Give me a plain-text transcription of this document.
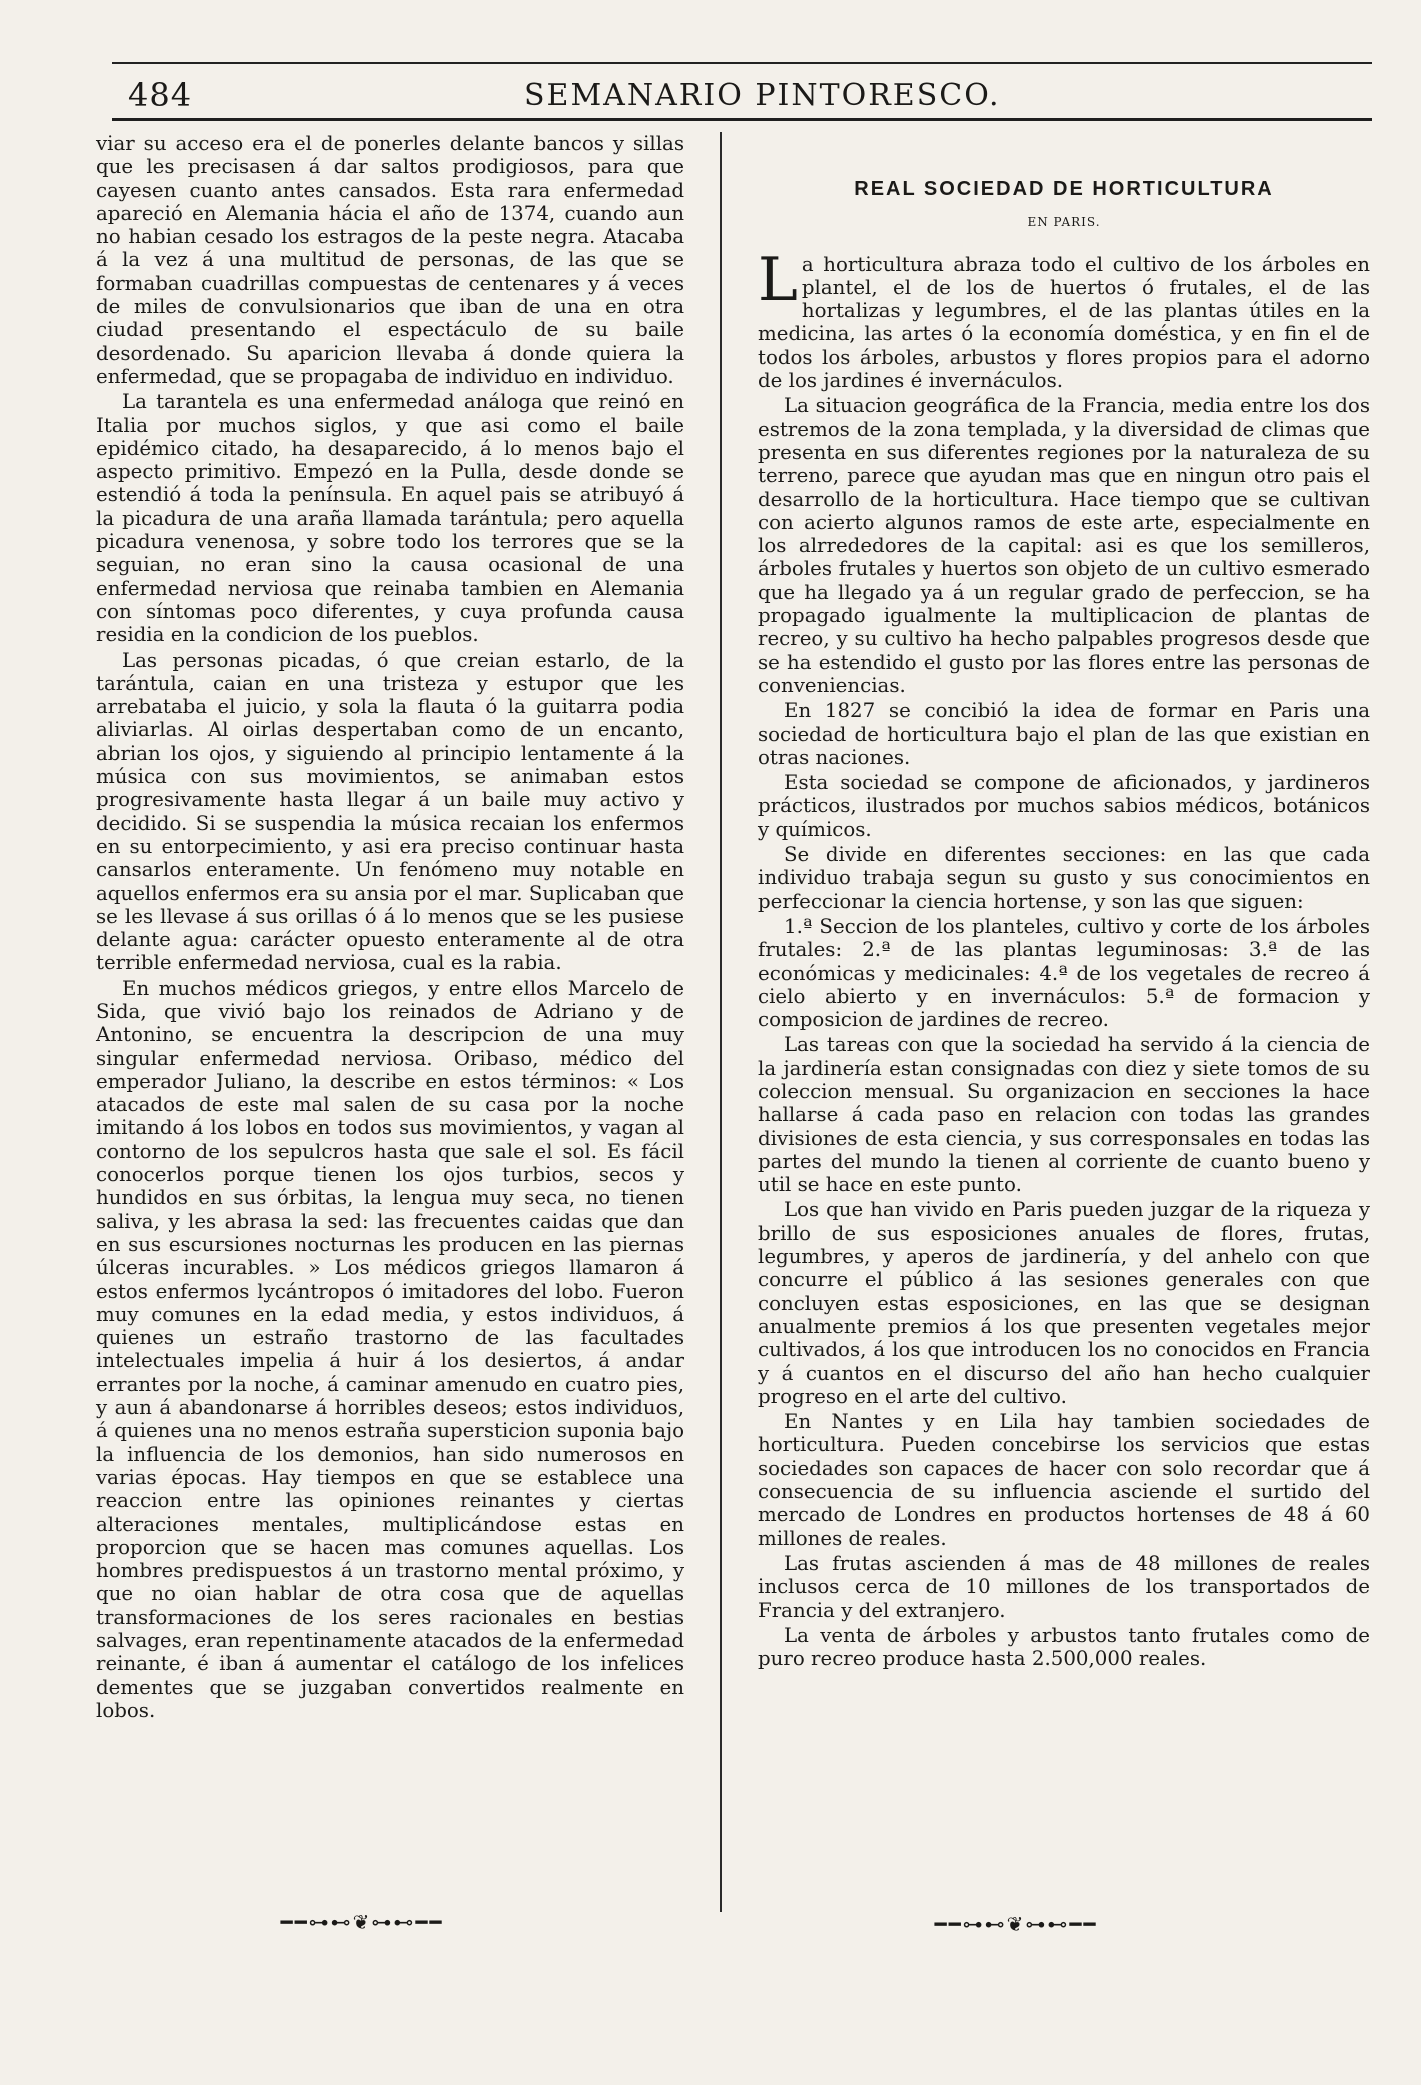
484	SEMANARIO PINTORESCO.

viar su acceso era el de ponerles delante bancos y sillas que les precisasen á dar saltos prodigiosos, para que cayesen cuanto antes cansados. Esta rara enfermedad apareció en Alemania hácia el año de 1374, cuando aun no habian cesado los estragos de la peste negra. Atacaba á la vez á una multitud de personas, de las que se formaban cuadrillas compuestas de centenares y á veces de miles de convulsionarios que iban de una en otra ciudad presentando el espectáculo de su baile desordenado. Su aparicion llevaba á donde quiera la enfermedad, que se propagaba de individuo en individuo.

La tarantela es una enfermedad análoga que reinó en Italia por muchos siglos, y que asi como el baile epidémico citado, ha desaparecido, á lo menos bajo el aspecto primitivo. Empezó en la Pulla, desde donde se estendió á toda la península. En aquel pais se atribuyó á la picadura de una araña llamada tarántula; pero aquella picadura venenosa, y sobre todo los terrores que se la seguian, no eran sino la causa ocasional de una enfermedad nerviosa que reinaba tambien en Alemania con síntomas poco diferentes, y cuya profunda causa residia en la condicion de los pueblos.

Las personas picadas, ó que creian estarlo, de la tarántula, caian en una tristeza y estupor que les arrebataba el juicio, y sola la flauta ó la guitarra podia aliviarlas. Al oirlas despertaban como de un encanto, abrian los ojos, y siguiendo al principio lentamente á la música con sus movimientos, se animaban estos progresivamente hasta llegar á un baile muy activo y decidido. Si se suspendia la música recaian los enfermos en su entorpecimiento, y asi era preciso continuar hasta cansarlos enteramente. Un fenómeno muy notable en aquellos enfermos era su ansia por el mar. Suplicaban que se les llevase á sus orillas ó á lo menos que se les pusiese delante agua: carácter opuesto enteramente al de otra terrible enfermedad nerviosa, cual es la rabia.

En muchos médicos griegos, y entre ellos Marcelo de Sida, que vivió bajo los reinados de Adriano y de Antonino, se encuentra la descripcion de una muy singular enfermedad nerviosa. Oribaso, médico del emperador Juliano, la describe en estos términos: « Los atacados de este mal salen de su casa por la noche imitando á los lobos en todos sus movimientos, y vagan al contorno de los sepulcros hasta que sale el sol. Es fácil conocerlos porque tienen los ojos turbios, secos y hundidos en sus órbitas, la lengua muy seca, no tienen saliva, y les abrasa la sed: las frecuentes caidas que dan en sus escursiones nocturnas les producen en las piernas úlceras incurables. » Los médicos griegos llamaron á estos enfermos lycántropos ó imitadores del lobo. Fueron muy comunes en la edad media, y estos individuos, á quienes un estraño trastorno de las facultades intelectuales impelia á huir á los desiertos, á andar errantes por la noche, á caminar amenudo en cuatro pies, y aun á abandonarse á horribles deseos; estos individuos, á quienes una no menos estraña supersticion suponia bajo la influencia de los demonios, han sido numerosos en varias épocas. Hay tiempos en que se establece una reaccion entre las opiniones reinantes y ciertas alteraciones mentales, multiplicándose estas en proporcion que se hacen mas comunes aquellas. Los hombres predispuestos á un trastorno mental próximo, y que no oian hablar de otra cosa que de aquellas transformaciones de los seres racionales en bestias salvages, eran repentinamente atacados de la enfermedad reinante, é iban á aumentar el catálogo de los infelices dementes que se juzgaban convertidos realmente en lobos.

REAL SOCIEDAD DE HORTICULTURA
EN PARIS.

La horticultura abraza todo el cultivo de los árboles en plantel, el de los de huertos ó frutales, el de las hortalizas y legumbres, el de las plantas útiles en la medicina, las artes ó la economía doméstica, y en fin el de todos los árboles, arbustos y flores propios para el adorno de los jardines é invernáculos.

La situacion geográfica de la Francia, media entre los dos estremos de la zona templada, y la diversidad de climas que presenta en sus diferentes regiones por la naturaleza de su terreno, parece que ayudan mas que en ningun otro pais el desarrollo de la horticultura. Hace tiempo que se cultivan con acierto algunos ramos de este arte, especialmente en los alrrededores de la capital: asi es que los semilleros, árboles frutales y huertos son objeto de un cultivo esmerado que ha llegado ya á un regular grado de perfeccion, se ha propagado igualmente la multiplicacion de plantas de recreo, y su cultivo ha hecho palpables progresos desde que se ha estendido el gusto por las flores entre las personas de conveniencias.

En 1827 se concibió la idea de formar en Paris una sociedad de horticultura bajo el plan de las que existian en otras naciones.

Esta sociedad se compone de aficionados, y jardineros prácticos, ilustrados por muchos sabios médicos, botánicos y químicos.

Se divide en diferentes secciones: en las que cada individuo trabaja segun su gusto y sus conocimientos en perfeccionar la ciencia hortense, y son las que siguen:

1.ª Seccion de los planteles, cultivo y corte de los árboles frutales: 2.ª de las plantas leguminosas: 3.ª de las económicas y medicinales: 4.ª de los vegetales de recreo á cielo abierto y en invernáculos: 5.ª de formacion y composicion de jardines de recreo.

Las tareas con que la sociedad ha servido á la ciencia de la jardinería estan consignadas con diez y siete tomos de su coleccion mensual. Su organizacion en secciones la hace hallarse á cada paso en relacion con todas las grandes divisiones de esta ciencia, y sus corresponsales en todas las partes del mundo la tienen al corriente de cuanto bueno y util se hace en este punto.

Los que han vivido en Paris pueden juzgar de la riqueza y brillo de sus esposiciones anuales de flores, frutas, legumbres, y aperos de jardinería, y del anhelo con que concurre el público á las sesiones generales con que concluyen estas esposiciones, en las que se designan anualmente premios á los que presenten vegetales mejor cultivados, á los que introducen los no conocidos en Francia y á cuantos en el discurso del año han hecho cualquier progreso en el arte del cultivo.

En Nantes y en Lila hay tambien sociedades de horticultura. Pueden concebirse los servicios que estas sociedades son capaces de hacer con solo recordar que á consecuencia de su influencia asciende el surtido del mercado de Londres en productos hortenses de 48 á 60 millones de reales.

Las frutas ascienden á mas de 48 millones de reales inclusos cerca de 10 millones de los transportados de Francia y del extranjero.

La venta de árboles y arbustos tanto frutales como de puro recreo produce hasta 2.500,000 reales.

━━⊶⊷❦⊶⊷━━	━━⊶⊷❦⊶⊷━━
